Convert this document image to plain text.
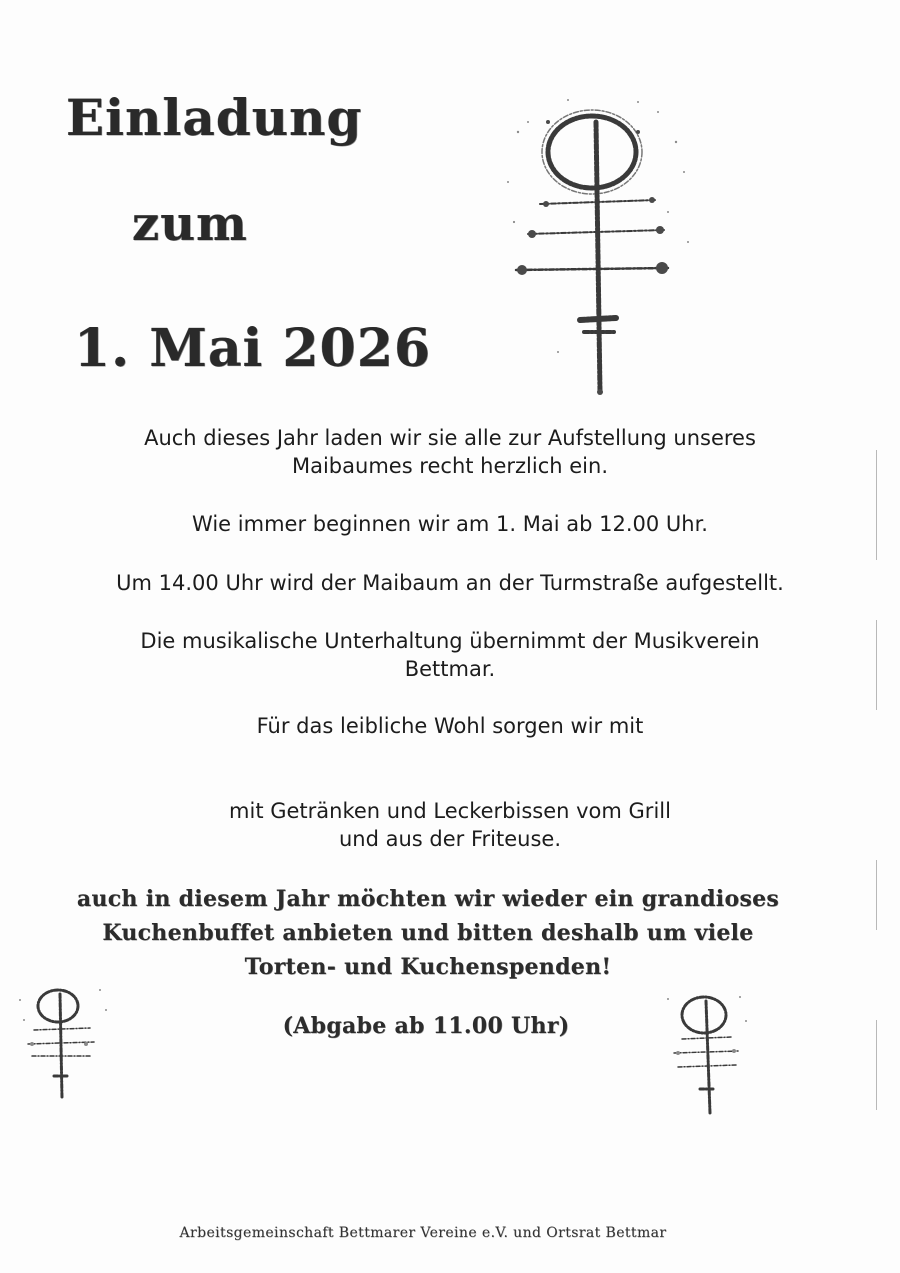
Einladung
zum
1. Mai 2026
Auch dieses Jahr laden wir sie alle zur Aufstellung unseres
Maibaumes recht herzlich ein.
Wie immer beginnen wir am 1. Mai ab 12.00 Uhr.
Um 14.00 Uhr wird der Maibaum an der Turmstraße aufgestellt.
Die musikalische Unterhaltung übernimmt der Musikverein
Bettmar.
Für das leibliche Wohl sorgen wir mit
mit Getränken und Leckerbissen vom Grill
und aus der Friteuse.
auch in diesem Jahr möchten wir wieder ein grandioses
Kuchenbuffet anbieten und bitten deshalb um viele
Torten- und Kuchenspenden!
(Abgabe ab 11.00 Uhr)
Arbeitsgemeinschaft Bettmarer Vereine e.V. und Ortsrat Bettmar
